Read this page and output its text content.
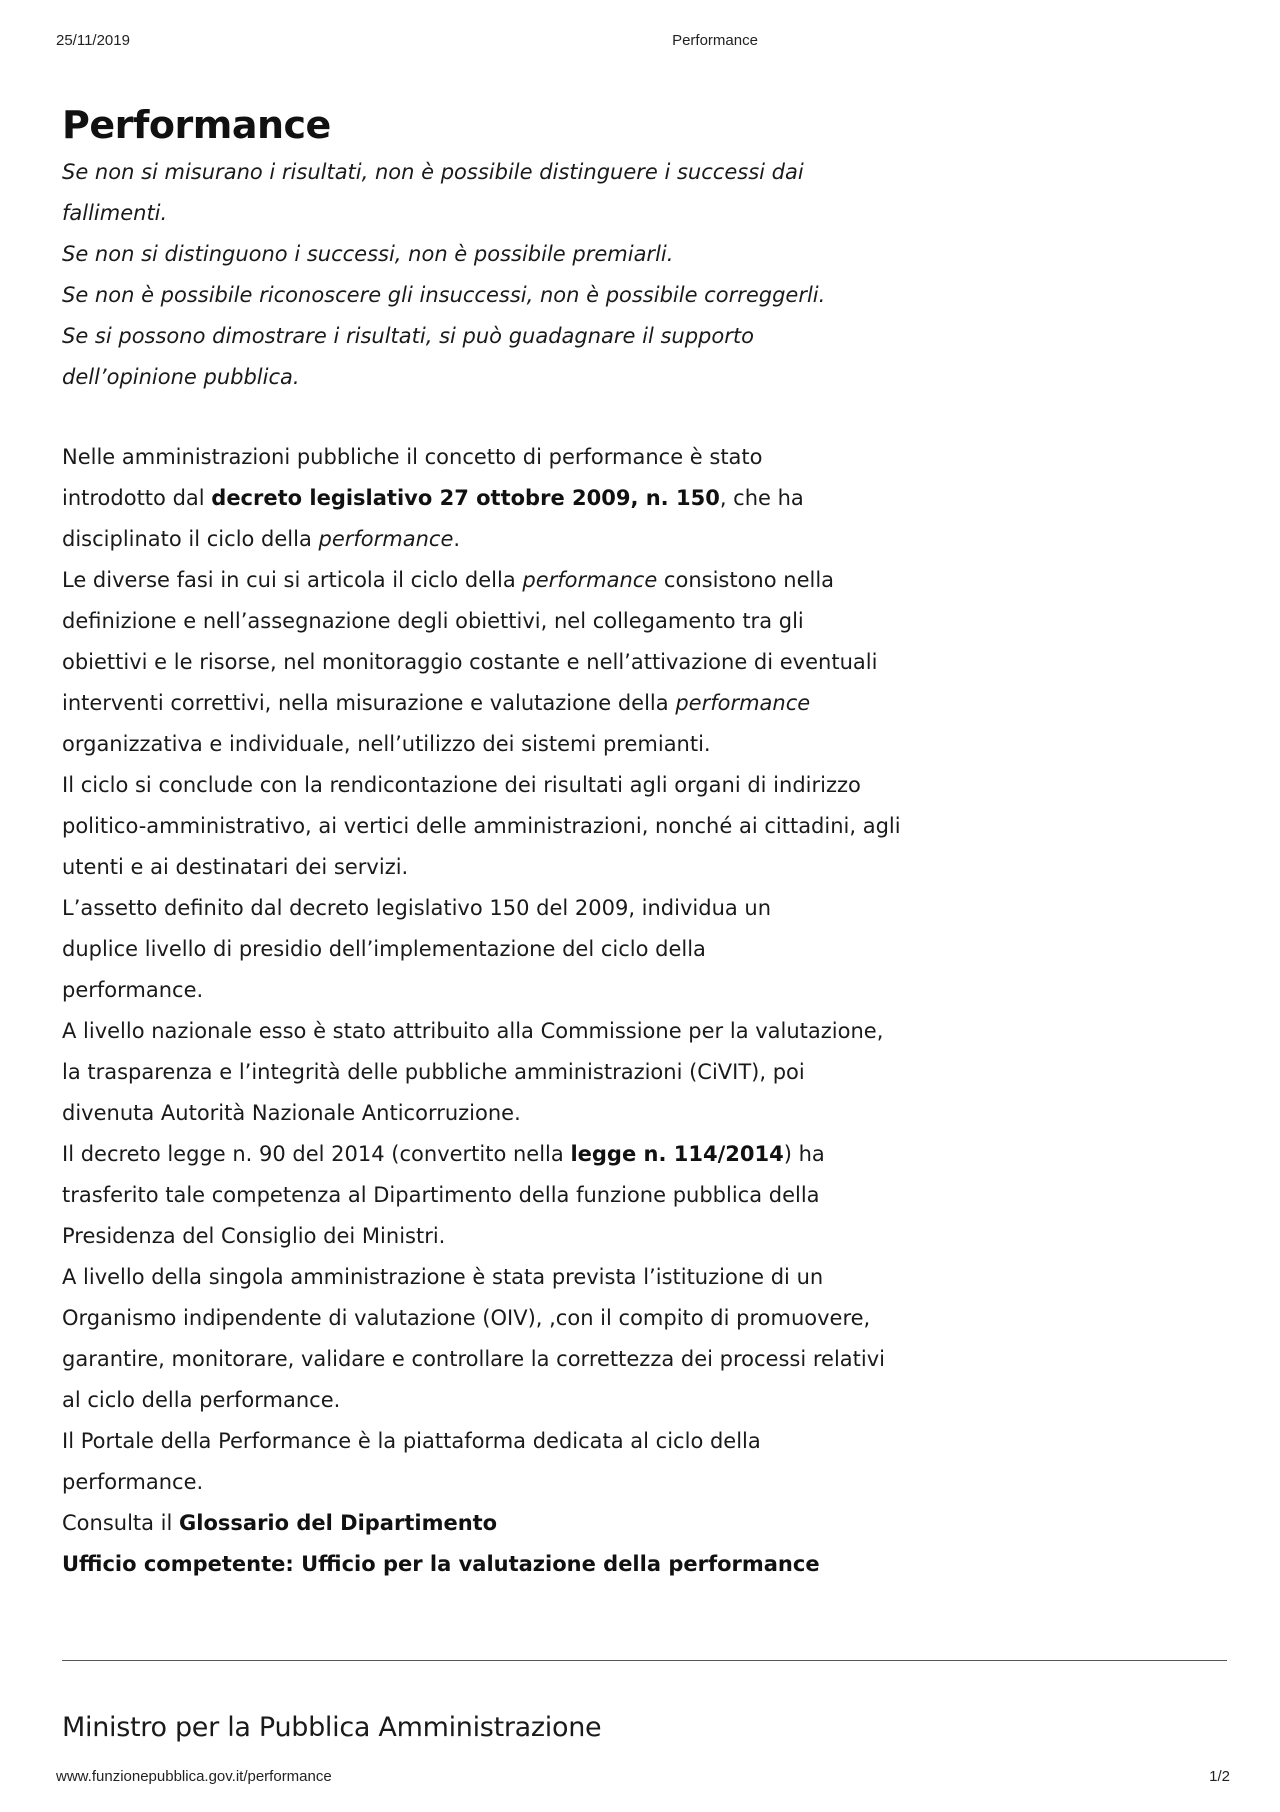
25/11/2019	Performance
Performance
Se non si misurano i risultati, non è possibile distinguere i successi dai
fallimenti.
Se non si distinguono i successi, non è possibile premiarli.
Se non è possibile riconoscere gli insuccessi, non è possibile correggerli.
Se si possono dimostrare i risultati, si può guadagnare il supporto
dell’opinione pubblica.

Nelle amministrazioni pubbliche il concetto di performance è stato introdotto dal decreto legislativo 27 ottobre 2009, n. 150, che ha disciplinato il ciclo della performance.

Le diverse fasi in cui si articola il ciclo della performance consistono nella definizione e nell’assegnazione degli obiettivi, nel collegamento tra gli obiettivi e le risorse, nel monitoraggio costante e nell’attivazione di eventuali interventi correttivi, nella misurazione e valutazione della performance organizzativa e individuale, nell’utilizzo dei sistemi premianti.

Il ciclo si conclude con la rendicontazione dei risultati agli organi di indirizzo politico-amministrativo, ai vertici delle amministrazioni, nonché ai cittadini, agli utenti e ai destinatari dei servizi.

L’assetto definito dal decreto legislativo 150 del 2009, individua un duplice livello di presidio dell’implementazione del ciclo della performance.

A livello nazionale esso è stato attribuito alla Commissione per la valutazione, la trasparenza e l’integrità delle pubbliche amministrazioni (CiVIT), poi divenuta Autorità Nazionale Anticorruzione.

Il decreto legge n. 90 del 2014 (convertito nella legge n. 114/2014) ha trasferito tale competenza al Dipartimento della funzione pubblica della Presidenza del Consiglio dei Ministri.

A livello della singola amministrazione è stata prevista l’istituzione di un Organismo indipendente di valutazione (OIV), ,con il compito di promuovere, garantire, monitorare, validare e controllare la correttezza dei processi relativi al ciclo della performance.

Il Portale della Performance è la piattaforma dedicata al ciclo della performance.

Consulta il Glossario del Dipartimento

Ufficio competente: Ufficio per la valutazione della performance

Ministro per la Pubblica Amministrazione
www.funzionepubblica.gov.it/performance	1/2
